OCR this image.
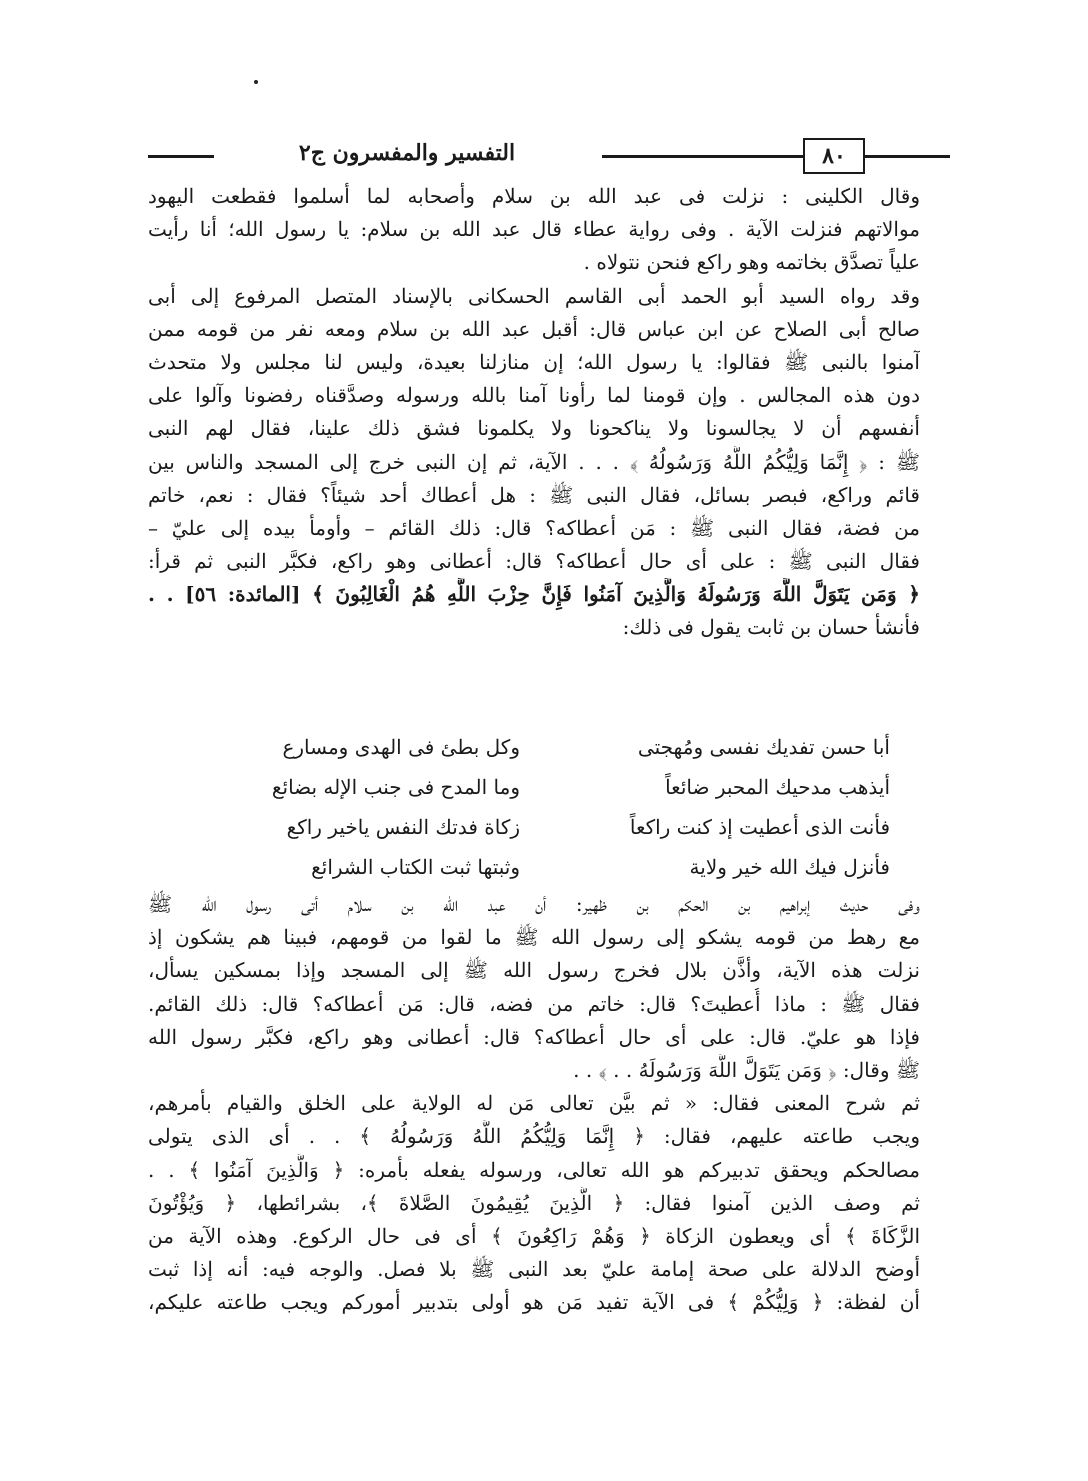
التفسير والمفسرون ج٢	٨٠
وقال الكلينى : نزلت فى عبد الله بن سلام وأصحابه لما أسلموا فقطعت اليهود
موالاتهم فنزلت الآية . وفى رواية عطاء قال عبد الله بن سلام: يا رسول الله؛ أنا رأيت
علياً تصدَّق بخاتمه وهو راكع فنحن نتولاه .
وقد رواه السيد أبو الحمد أبى القاسم الحسكانى بالإسناد المتصل المرفوع إلى أبى
صالح أبى الصلاح عن ابن عباس قال: أقبل عبد الله بن سلام ومعه نفر من قومه ممن
آمنوا بالنبى ﷺ فقالوا: يا رسول الله؛ إن منازلنا بعيدة، وليس لنا مجلس ولا متحدث
دون هذه المجالس . وإن قومنا لما رأونا آمنا بالله ورسوله وصدَّقناه رفضونا وآلوا على
أنفسهم أن لا يجالسونا ولا يناكحونا ولا يكلمونا فشق ذلك علينا، فقال لهم النبى
ﷺ : ﴿ إِنَّمَا وَلِيُّكُمُ اللَّهُ وَرَسُولُهُ ﴾ . . . الآية، ثم إن النبى خرج إلى المسجد والناس بين
قائم وراكع، فبصر بسائل، فقال النبى ﷺ : هل أعطاك أحد شيئاً؟ فقال : نعم، خاتم
من فضة، فقال النبى ﷺ : مَن أعطاكه؟ قال: ذلك القائم – وأومأ بيده إلى عليّ –
فقال النبى ﷺ : على أى حال أعطاكه؟ قال: أعطانى وهو راكع، فكبَّر النبى ثم قرأ:
﴿ وَمَن يَتَوَلَّ اللَّهَ وَرَسُولَهُ وَالَّذِينَ آمَنُوا فَإِنَّ حِزْبَ اللَّهِ هُمُ الْغَالِبُونَ ﴾ [المائدة: ٥٦] . .
فأنشأ حسان بن ثابت يقول فى ذلك:
أبا حسن تفديك نفسى ومُهجتى
وكل بطئ فى الهدى ومسارع
أيذهب مدحيك المحبر ضائعاً
وما المدح فى جنب الإله بضائع
فأنت الذى أعطيت إذ كنت راكعاً
زكاة فدتك النفس ياخير راكع
فأنزل فيك الله خير ولاية
وثبتها ثبت الكتاب الشرائع
وفى حديث إبراهيم بن الحكم بن ظهير: أن عبد الله بن سلام أتى رسول الله ﷺ
مع رهط من قومه يشكو إلى رسول الله ﷺ ما لقوا من قومهم، فبينا هم يشكون إذ
نزلت هذه الآية، وأذَّن بلال فخرج رسول الله ﷺ إلى المسجد وإذا بمسكين يسأل،
فقال ﷺ : ماذا أُعطيتَ؟ قال: خاتم من فضه، قال: مَن أعطاكه؟ قال: ذلك القائم.
فإذا هو عليّ. قال: على أى حال أعطاكه؟ قال: أعطانى وهو راكع، فكبَّر رسول الله
ﷺ وقال: ﴿ وَمَن يَتَوَلَّ اللَّهَ وَرَسُولَهُ . . ﴾ . .
ثم شرح المعنى فقال: « ثم بيَّن تعالى مَن له الولاية على الخلق والقيام بأمرهم،
ويجب طاعته عليهم، فقال: ﴿ إِنَّمَا وَلِيُّكُمُ اللَّهُ وَرَسُولُهُ ﴾ . . أى الذى يتولى
مصالحكم ويحقق تدبيركم هو الله تعالى، ورسوله يفعله بأمره: ﴿ وَالَّذِينَ آمَنُوا ﴾ . .
ثم وصف الذين آمنوا فقال: ﴿ الَّذِينَ يُقِيمُونَ الصَّلاةَ ﴾، بشرائطها، ﴿ وَيُؤْتُونَ
الزَّكَاةَ ﴾ أى ويعطون الزكاة ﴿ وَهُمْ رَاكِعُونَ ﴾ أى فى حال الركوع. وهذه الآية من
أوضح الدلالة على صحة إمامة عليّ بعد النبى ﷺ بلا فصل. والوجه فيه: أنه إذا ثبت
أن لفظة: ﴿ وَلِيُّكُمْ ﴾ فى الآية تفيد مَن هو أولى بتدبير أموركم ويجب طاعته عليكم،
